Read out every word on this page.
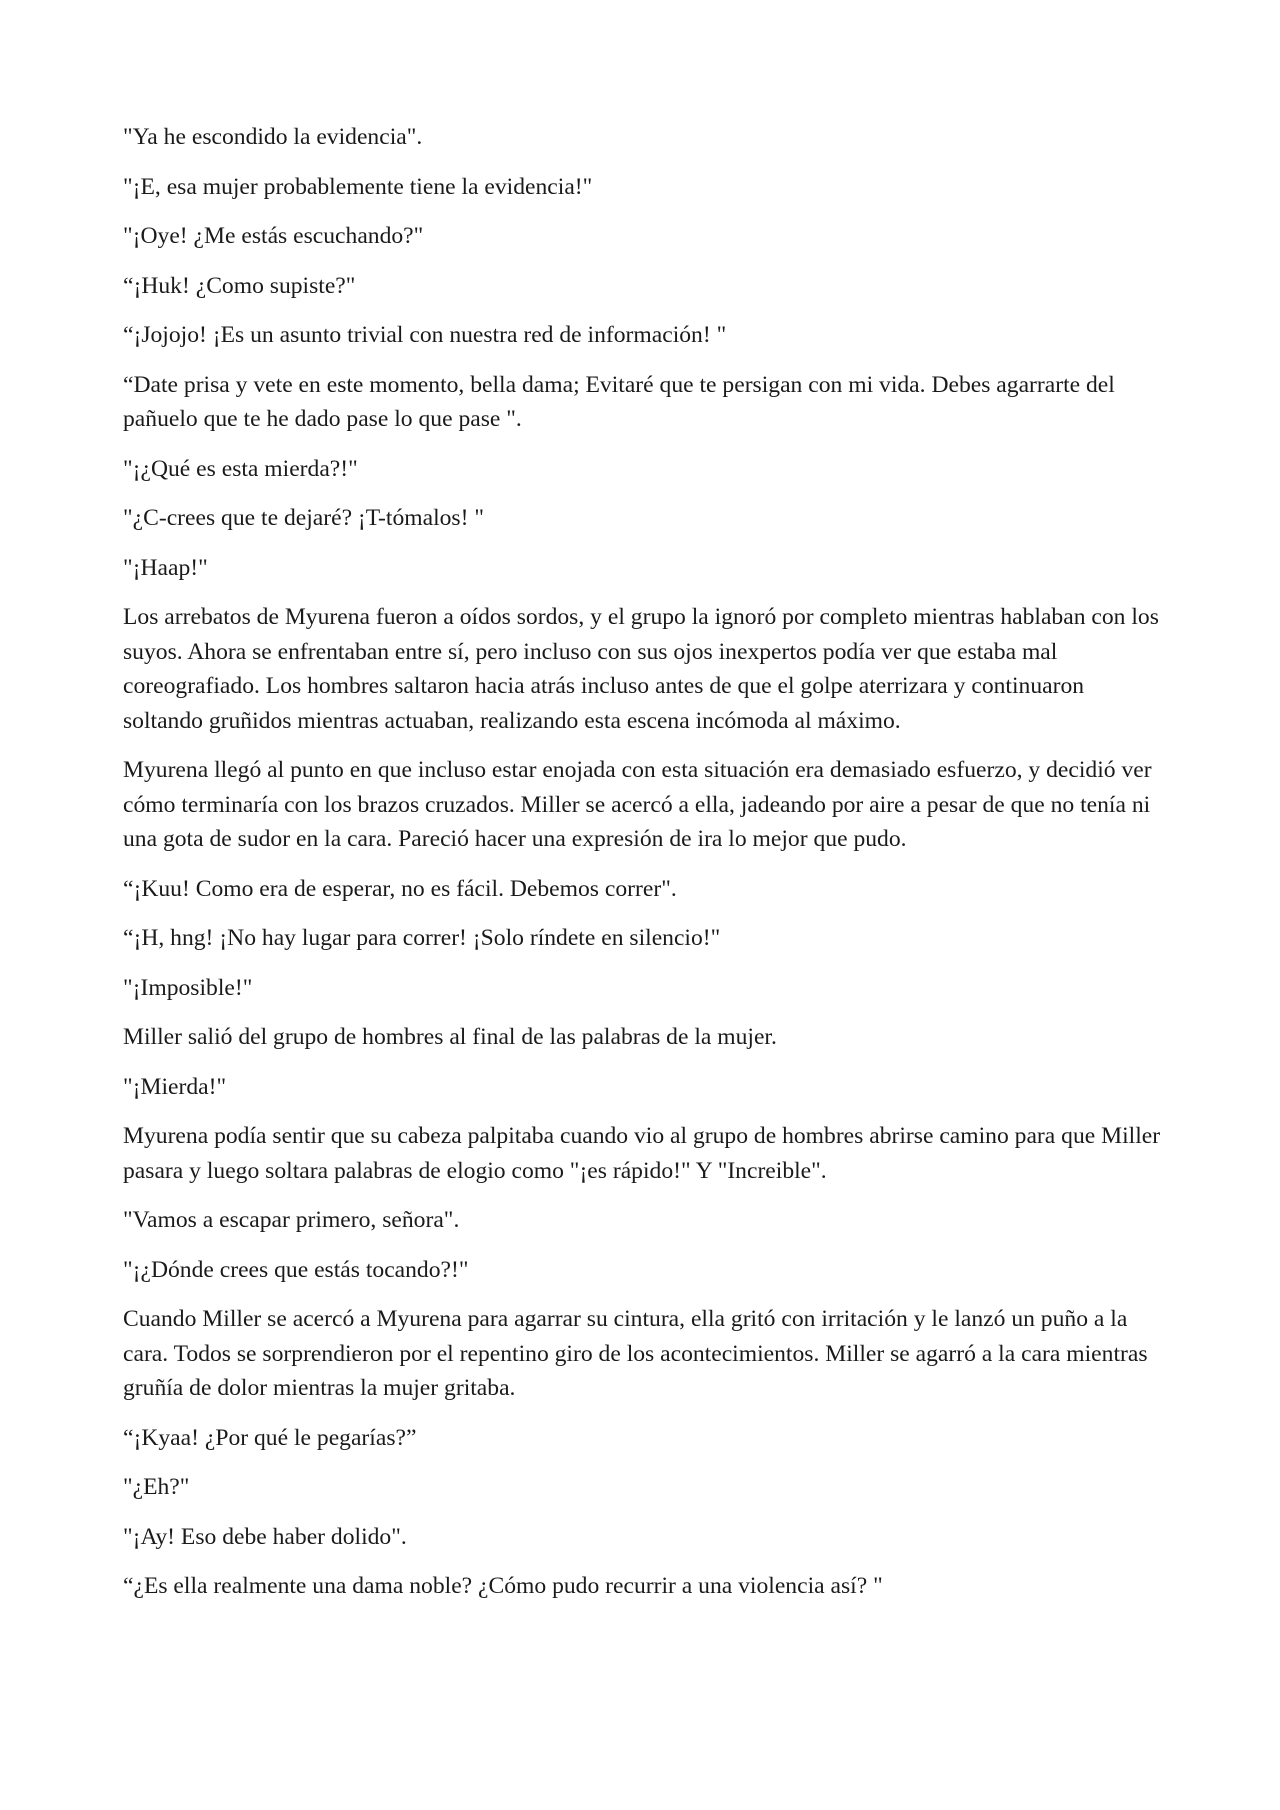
"Ya he escondido la evidencia".

"¡E, esa mujer probablemente tiene la evidencia!"

"¡Oye! ¿Me estás escuchando?"

“¡Huk! ¿Como supiste?"

“¡Jojojo! ¡Es un asunto trivial con nuestra red de información! "

“Date prisa y vete en este momento, bella dama; Evitaré que te persigan con mi vida. Debes agarrarte del pañuelo que te he dado pase lo que pase ".

"¡¿Qué es esta mierda?!"

"¿C-crees que te dejaré? ¡T-tómalos! "

"¡Haap!"

Los arrebatos de Myurena fueron a oídos sordos, y el grupo la ignoró por completo mientras hablaban con los suyos. Ahora se enfrentaban entre sí, pero incluso con sus ojos inexpertos podía ver que estaba mal coreografiado. Los hombres saltaron hacia atrás incluso antes de que el golpe aterrizara y continuaron soltando gruñidos mientras actuaban, realizando esta escena incómoda al máximo.

Myurena llegó al punto en que incluso estar enojada con esta situación era demasiado esfuerzo, y decidió ver cómo terminaría con los brazos cruzados. Miller se acercó a ella, jadeando por aire a pesar de que no tenía ni una gota de sudor en la cara. Pareció hacer una expresión de ira lo mejor que pudo.

“¡Kuu! Como era de esperar, no es fácil. Debemos correr".

“¡H, hng! ¡No hay lugar para correr! ¡Solo ríndete en silencio!"

"¡Imposible!"

Miller salió del grupo de hombres al final de las palabras de la mujer.

"¡Mierda!"

Myurena podía sentir que su cabeza palpitaba cuando vio al grupo de hombres abrirse camino para que Miller pasara y luego soltara palabras de elogio como "¡es rápido!" Y "Increible".

"Vamos a escapar primero, señora".

"¡¿Dónde crees que estás tocando?!"

Cuando Miller se acercó a Myurena para agarrar su cintura, ella gritó con irritación y le lanzó un puño a la cara. Todos se sorprendieron por el repentino giro de los acontecimientos. Miller se agarró a la cara mientras gruñía de dolor mientras la mujer gritaba.

“¡Kyaa! ¿Por qué le pegarías?”

"¿Eh?"

"¡Ay! Eso debe haber dolido".

“¿Es ella realmente una dama noble? ¿Cómo pudo recurrir a una violencia así? "
